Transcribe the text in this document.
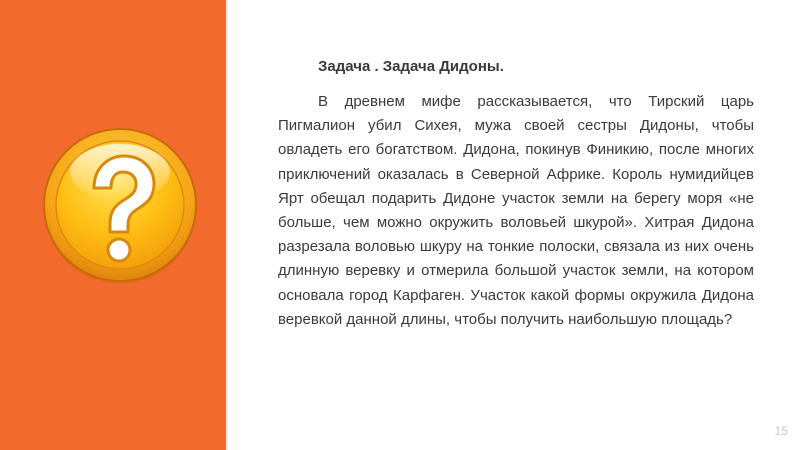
Задача . Задача Дидоны.

В древнем мифе рассказывается, что Тирский царь Пигмалион убил Сихея, мужа своей сестры Дидоны, чтобы овладеть его богатством. Дидона, покинув Финикию, после многих приключений оказалась в Северной Африке. Король нумидийцев Ярт обещал подарить Дидоне участок земли на берегу моря «не больше, чем можно окружить воловьей шкурой». Хитрая Дидона разрезала воловью шкуру на тонкие полоски, связала из них очень длинную веревку и отмерила большой участок земли, на котором основала город Карфаген. Участок какой формы окружила Дидона веревкой данной длины, чтобы получить наибольшую площадь?

15
